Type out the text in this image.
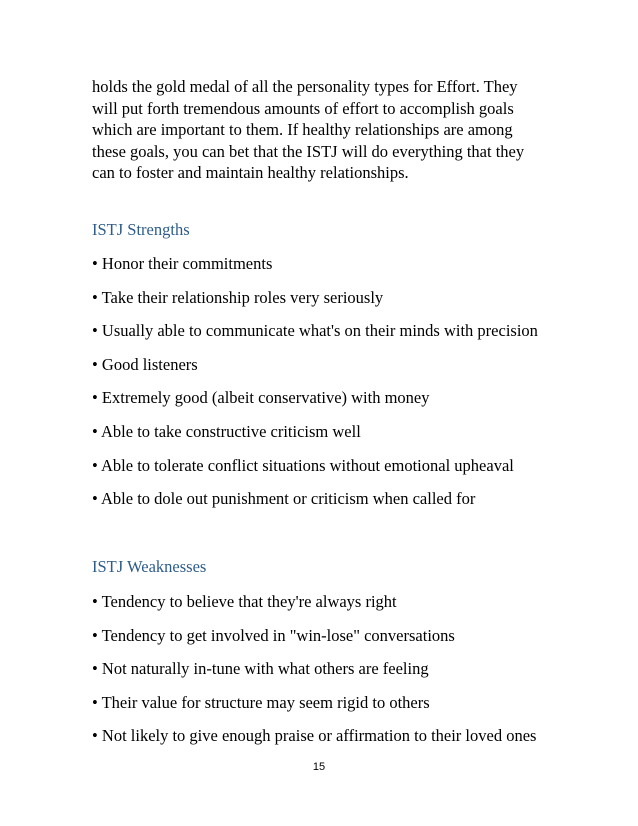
holds the gold medal of all the personality types for Effort. They
will put forth tremendous amounts of effort to accomplish goals
which are important to them. If healthy relationships are among
these goals, you can bet that the ISTJ will do everything that they
can to foster and maintain healthy relationships.

ISTJ Strengths
• Honor their commitments
• Take their relationship roles very seriously
• Usually able to communicate what's on their minds with precision
• Good listeners
• Extremely good (albeit conservative) with money
• Able to take constructive criticism well
• Able to tolerate conflict situations without emotional upheaval
• Able to dole out punishment or criticism when called for
ISTJ Weaknesses
• Tendency to believe that they're always right
• Tendency to get involved in "win-lose" conversations
• Not naturally in-tune with what others are feeling
• Their value for structure may seem rigid to others
• Not likely to give enough praise or affirmation to their loved ones
15
